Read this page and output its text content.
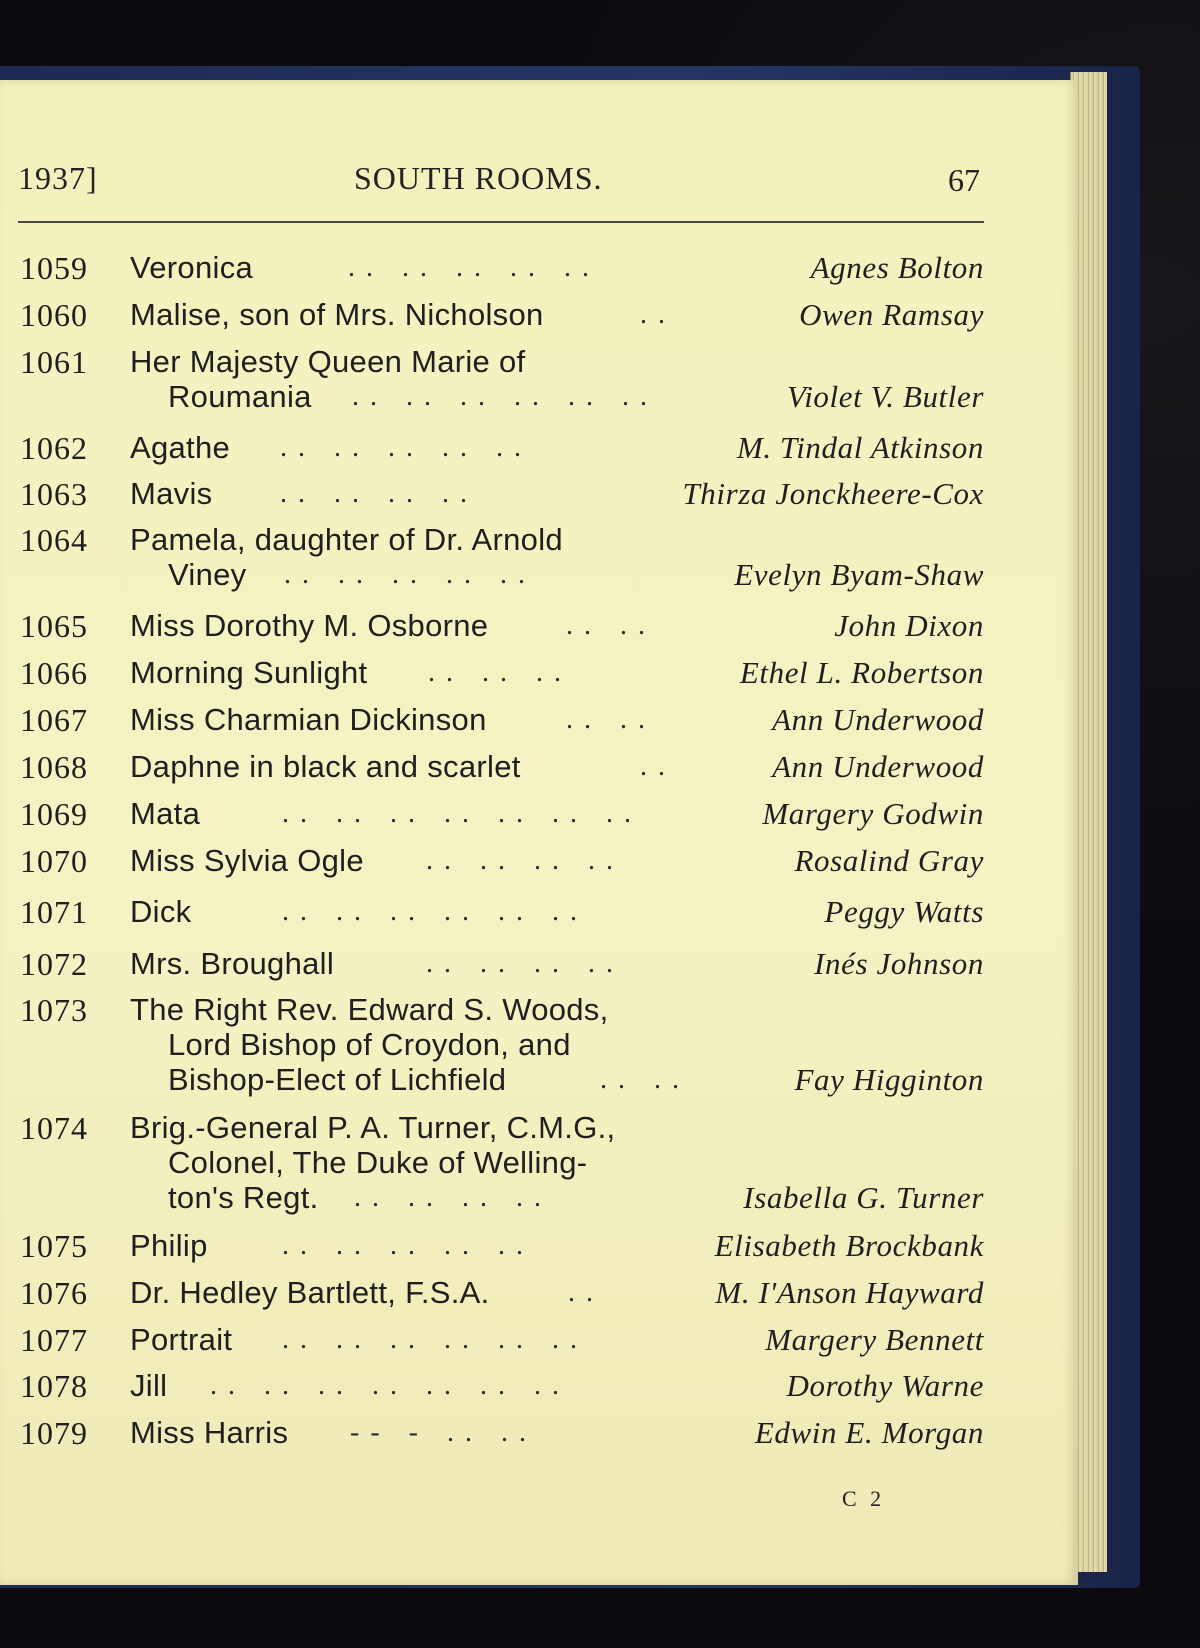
1937]	SOUTH ROOMS.	67
1059 Veronica	. .   . .   . .   . .   . .	Agnes Bolton
1060 Malise, son of Mrs. Nicholson	. .	Owen Ramsay
1061 Her Majesty Queen Marie of
Roumania . .   . .   . .   . .   . .   . .	Violet V. Butler
1062 Agathe . .   . .   . .   . .   . .	M. Tindal Atkinson
1063 Mavis . .   . .   . .   . .	Thirza Jonckheere-Cox
1064 Pamela, daughter of Dr. Arnold
Viney . .   . .   . .   . .   . .	Evelyn Byam-Shaw
1065 Miss Dorothy M. Osborne	. .   . .	John Dixon
1066 Morning Sunlight . .   . .   . .	Ethel L. Robertson
1067 Miss Charmian Dickinson	. .   . .	Ann Underwood
1068 Daphne in black and scarlet	. .	Ann Underwood
1069 Mata	. .   . .   . .   . .   . .   . .   . .	Margery Godwin
1070 Miss Sylvia Ogle . .   . .   . .   . .	Rosalind Gray
1071 Dick	. .   . .   . .   . .   . .   . .	Peggy Watts
1072 Mrs. Broughall	. .   . .   . .   . .	Inés Johnson
1073 The Right Rev. Edward S. Woods,
Lord Bishop of Croydon, and
Bishop-Elect of Lichfield	. .   . .	Fay Higginton
1074 Brig.-General P. A. Turner, C.M.G.,
Colonel, The Duke of Welling-
ton's Regt. . .   . .   . .   . .	Isabella G. Turner
1075 Philip	. .   . .   . .   . .   . .	Elisabeth Brockbank
1076 Dr. Hedley Bartlett, F.S.A.	. .	M. I'Anson Hayward
1077 Portrait . .   . .   . .   . .   . .   . .	Margery Bennett
1078 Jill . .   . .   . .   . .   . .   . .   . .	Dorothy Warne
1079 Miss Harris - -   -   . .   . .	Edwin E. Morgan
C 2
